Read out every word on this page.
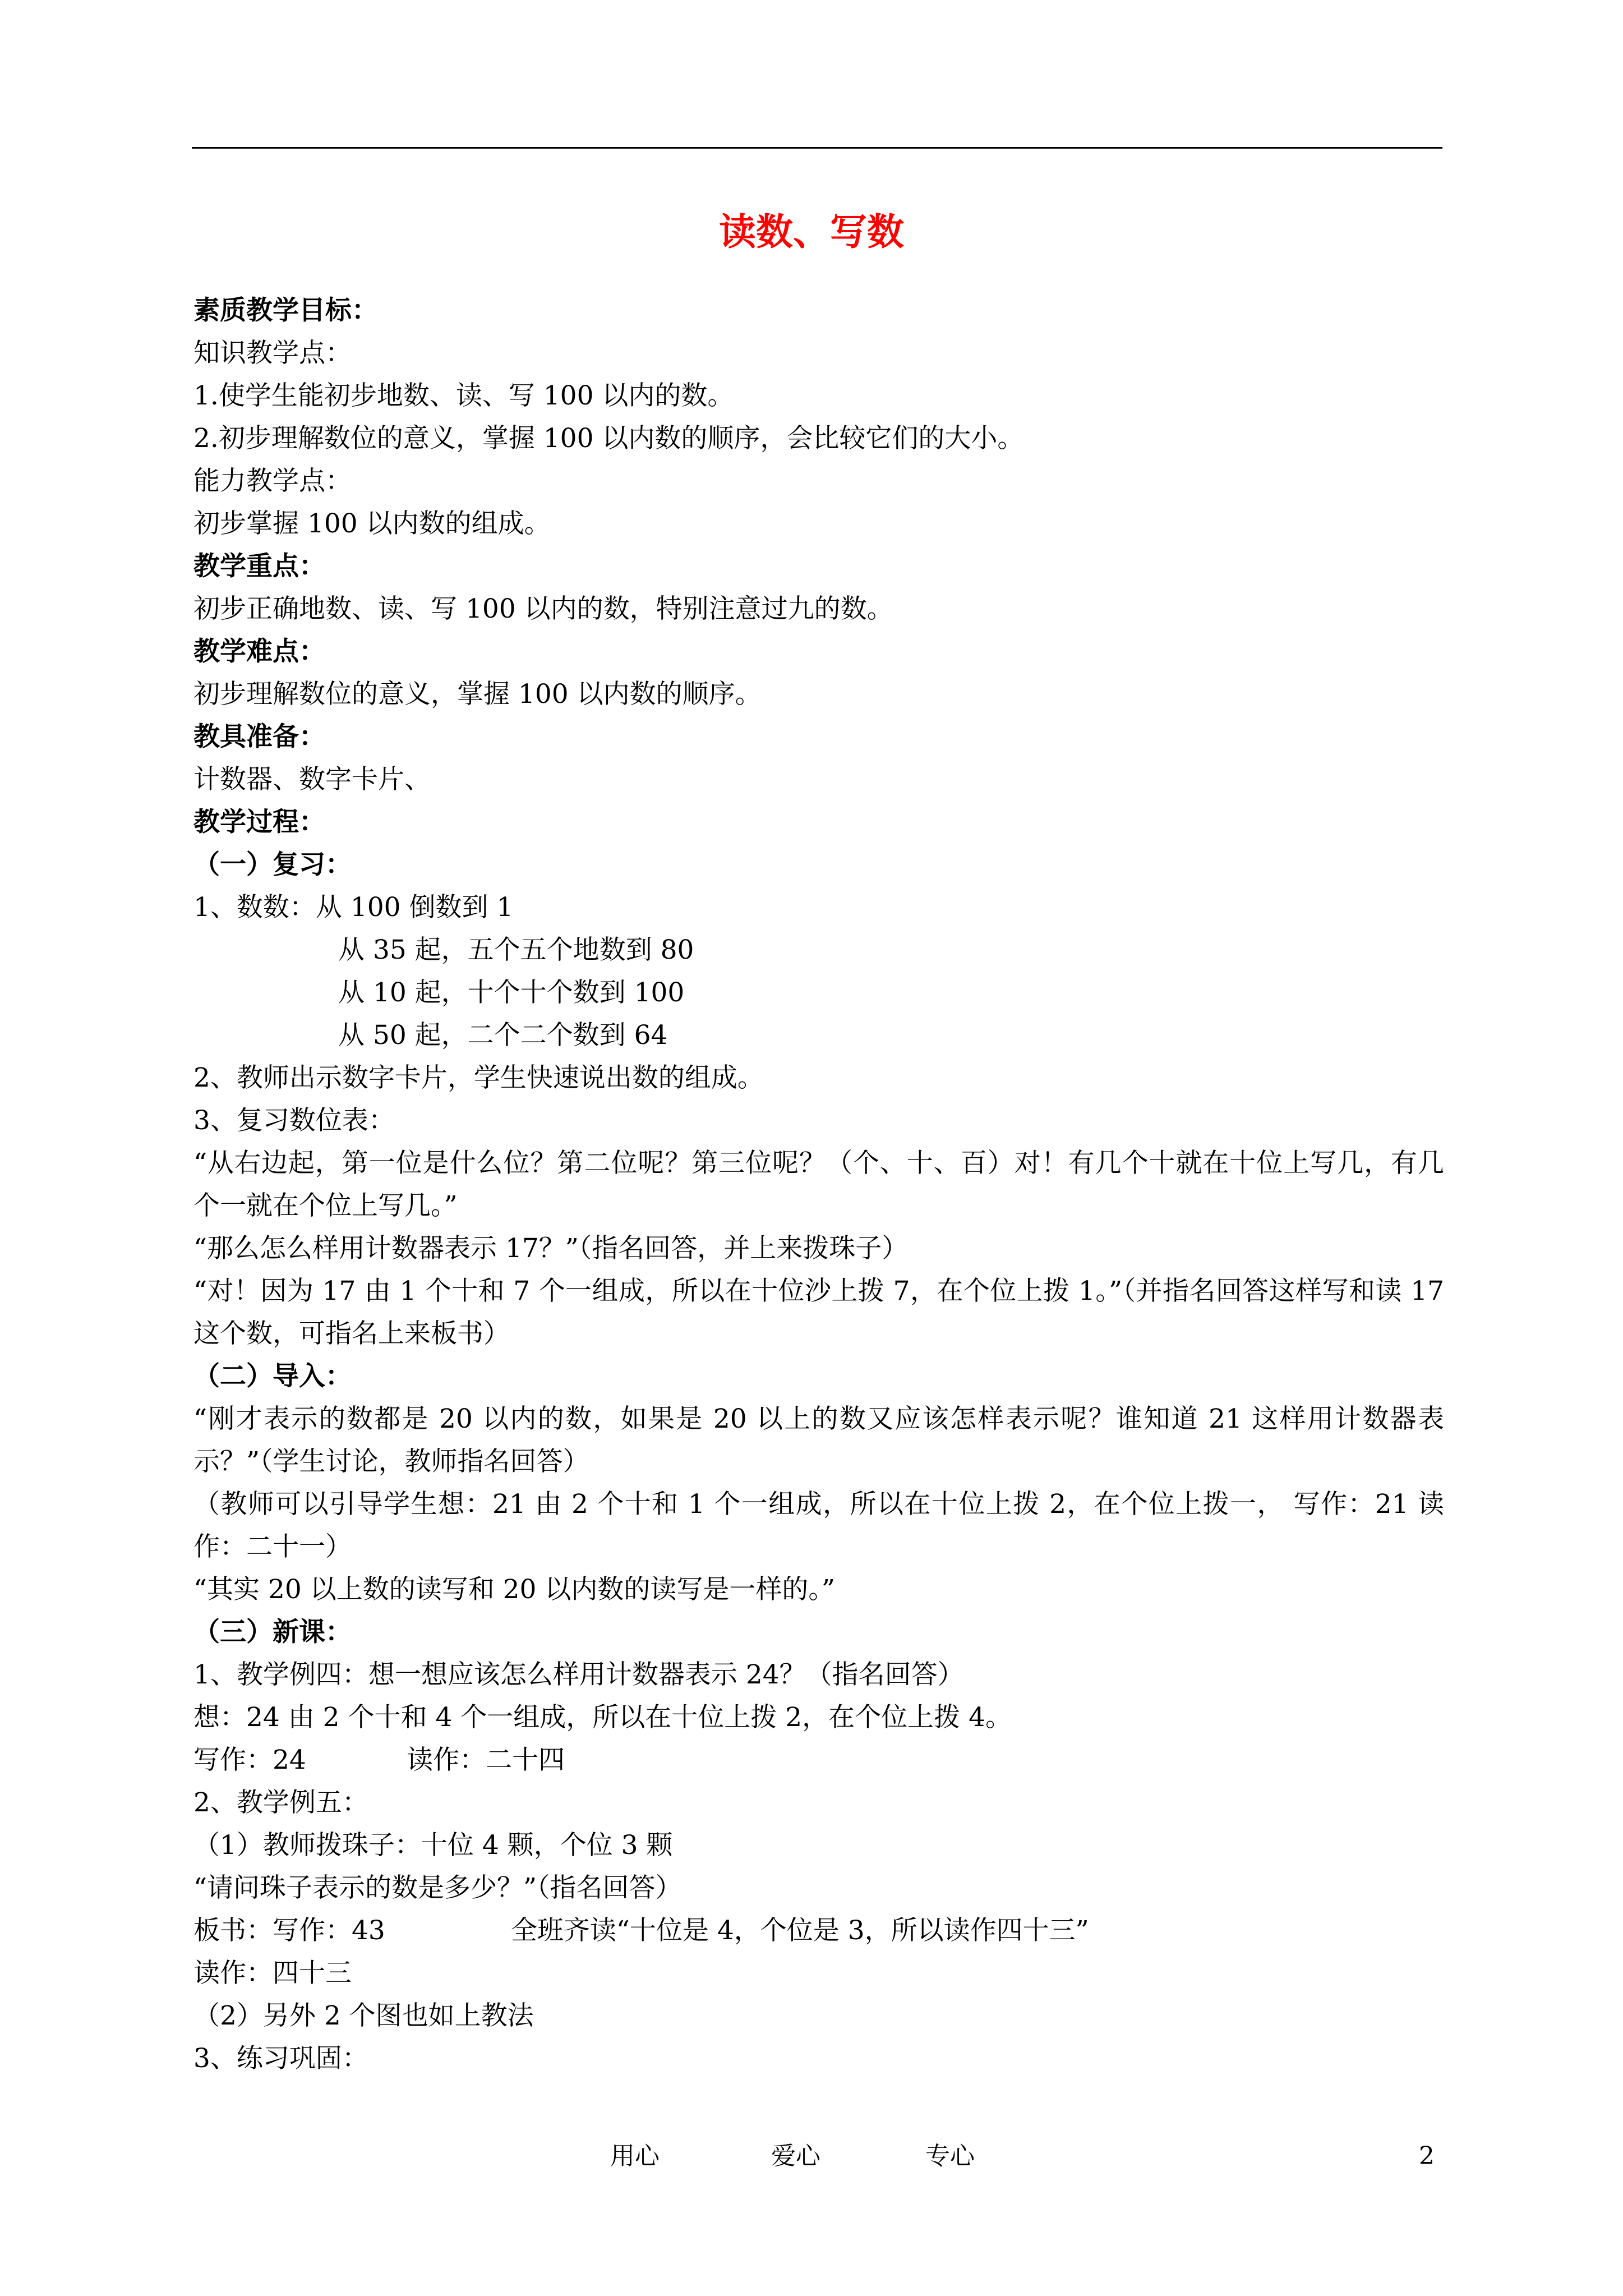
读数、写数
素质教学目标：
知识教学点：
1.使学生能初步地数、读、写 100 以内的数。
2.初步理解数位的意义，掌握 100 以内数的顺序，会比较它们的大小。
能力教学点：
初步掌握 100 以内数的组成。
教学重点：
初步正确地数、读、写 100 以内的数，特别注意过九的数。
教学难点：
初步理解数位的意义，掌握 100 以内数的顺序。
教具准备：
计数器、数字卡片、
教学过程：
（一）复习：
1、数数：从 100 倒数到 1
从 35 起，五个五个地数到 80
从 10 起，十个十个数到 100
从 50 起，二个二个数到 64
2、教师出示数字卡片，学生快速说出数的组成。
3、复习数位表：
“从右边起，第一位是什么位？第二位呢？第三位呢？（个、十、百）对！有几个十就在十位上写几，有几个一就在个位上写几。”
“那么怎么样用计数器表示 17？”（指名回答，并上来拨珠子）
“对！因为 17 由 1 个十和 7 个一组成，所以在十位沙上拨 7，在个位上拨 1。”（并指名回答这样写和读 17 这个数，可指名上来板书）
（二）导入：
“刚才表示的数都是 20 以内的数，如果是 20 以上的数又应该怎样表示呢？谁知道 21 这样用计数器表示？”（学生讨论，教师指名回答）
（教师可以引导学生想：21 由 2 个十和 1 个一组成，所以在十位上拨 2，在个位上拨一， 写作：21 读作：二十一）
“其实 20 以上数的读写和 20 以内数的读写是一样的。”
（三）新课：
1、教学例四：想一想应该怎么样用计数器表示 24？（指名回答）
想：24 由 2 个十和 4 个一组成，所以在十位上拨 2，在个位上拨 4。
写作：24            读作：二十四
2、教学例五：
（1）教师拨珠子：十位 4 颗，个位 3 颗
“请问珠子表示的数是多少？”（指名回答）
板书：写作：43               全班齐读“十位是 4，个位是 3，所以读作四十三”
读作：四十三
（2）另外 2 个图也如上教法
3、练习巩固：
用心	爱心	专心	2
